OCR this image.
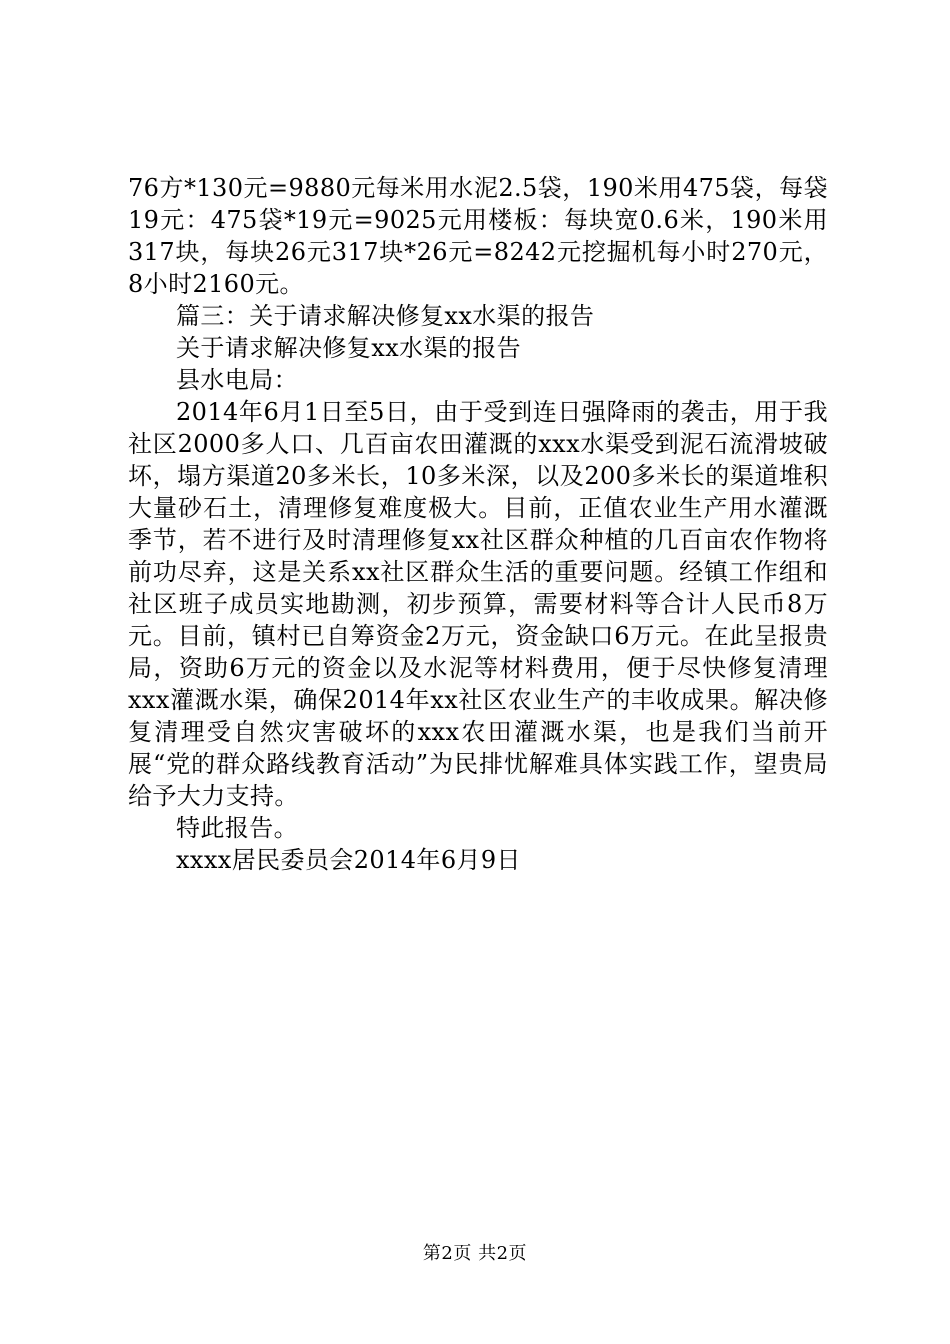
76方*130元=9880元每米用水泥2.5袋，190米用475袋，每袋19元：475袋*19元=9025元用楼板：每块宽0.6米，190米用317块，每块26元317块*26元=8242元挖掘机每小时270元，8小时2160元。

篇三：关于请求解决修复xx水渠的报告

关于请求解决修复xx水渠的报告

县水电局：

2014年6月1日至5日，由于受到连日强降雨的袭击，用于我社区2000多人口、几百亩农田灌溉的xxx水渠受到泥石流滑坡破坏，塌方渠道20多米长，10多米深，以及200多米长的渠道堆积大量砂石土，清理修复难度极大。目前，正值农业生产用水灌溉季节，若不进行及时清理修复xx社区群众种植的几百亩农作物将前功尽弃，这是关系xx社区群众生活的重要问题。经镇工作组和社区班子成员实地勘测，初步预算，需要材料等合计人民币8万元。目前，镇村已自筹资金2万元，资金缺口6万元。在此呈报贵局，资助6万元的资金以及水泥等材料费用，便于尽快修复清理xxx灌溉水渠，确保2014年xx社区农业生产的丰收成果。解决修复清理受自然灾害破坏的xxx农田灌溉水渠，也是我们当前开展“党的群众路线教育活动”为民排忧解难具体实践工作，望贵局给予大力支持。

特此报告。

xxxx居民委员会2014年6月9日

第2页 共2页
